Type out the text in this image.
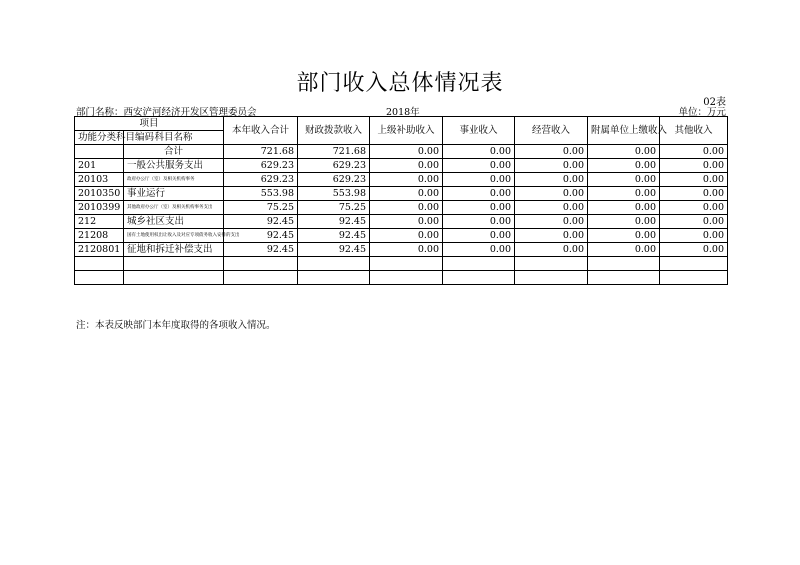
部门收入总体情况表
02表
部门名称：西安浐河经济开发区管理委员会	2018年	单位：万元
项目		本年收入合计	财政拨款收入	上级补助收入	事业收入	经营收入	附属单位上缴收入	其他收入
功能分类科目编码	科目名称							
	合计	721.68	721.68	0.00	0.00	0.00	0.00	0.00
201	一般公共服务支出	629.23	629.23	0.00	0.00	0.00	0.00	0.00
20103	政府办公厅（室）及相关机构事务	629.23	629.23	0.00	0.00	0.00	0.00	0.00
2010350	事业运行	553.98	553.98	0.00	0.00	0.00	0.00	0.00
2010399	其他政府办公厅（室）及相关机构事务支出	75.25	75.25	0.00	0.00	0.00	0.00	0.00
212	城乡社区支出	92.45	92.45	0.00	0.00	0.00	0.00	0.00
21208	国有土地使用权出让收入及对应专项债务收入安排的支出	92.45	92.45	0.00	0.00	0.00	0.00	0.00
2120801	征地和拆迁补偿支出	92.45	92.45	0.00	0.00	0.00	0.00	0.00

注：本表反映部门本年度取得的各项收入情况。
